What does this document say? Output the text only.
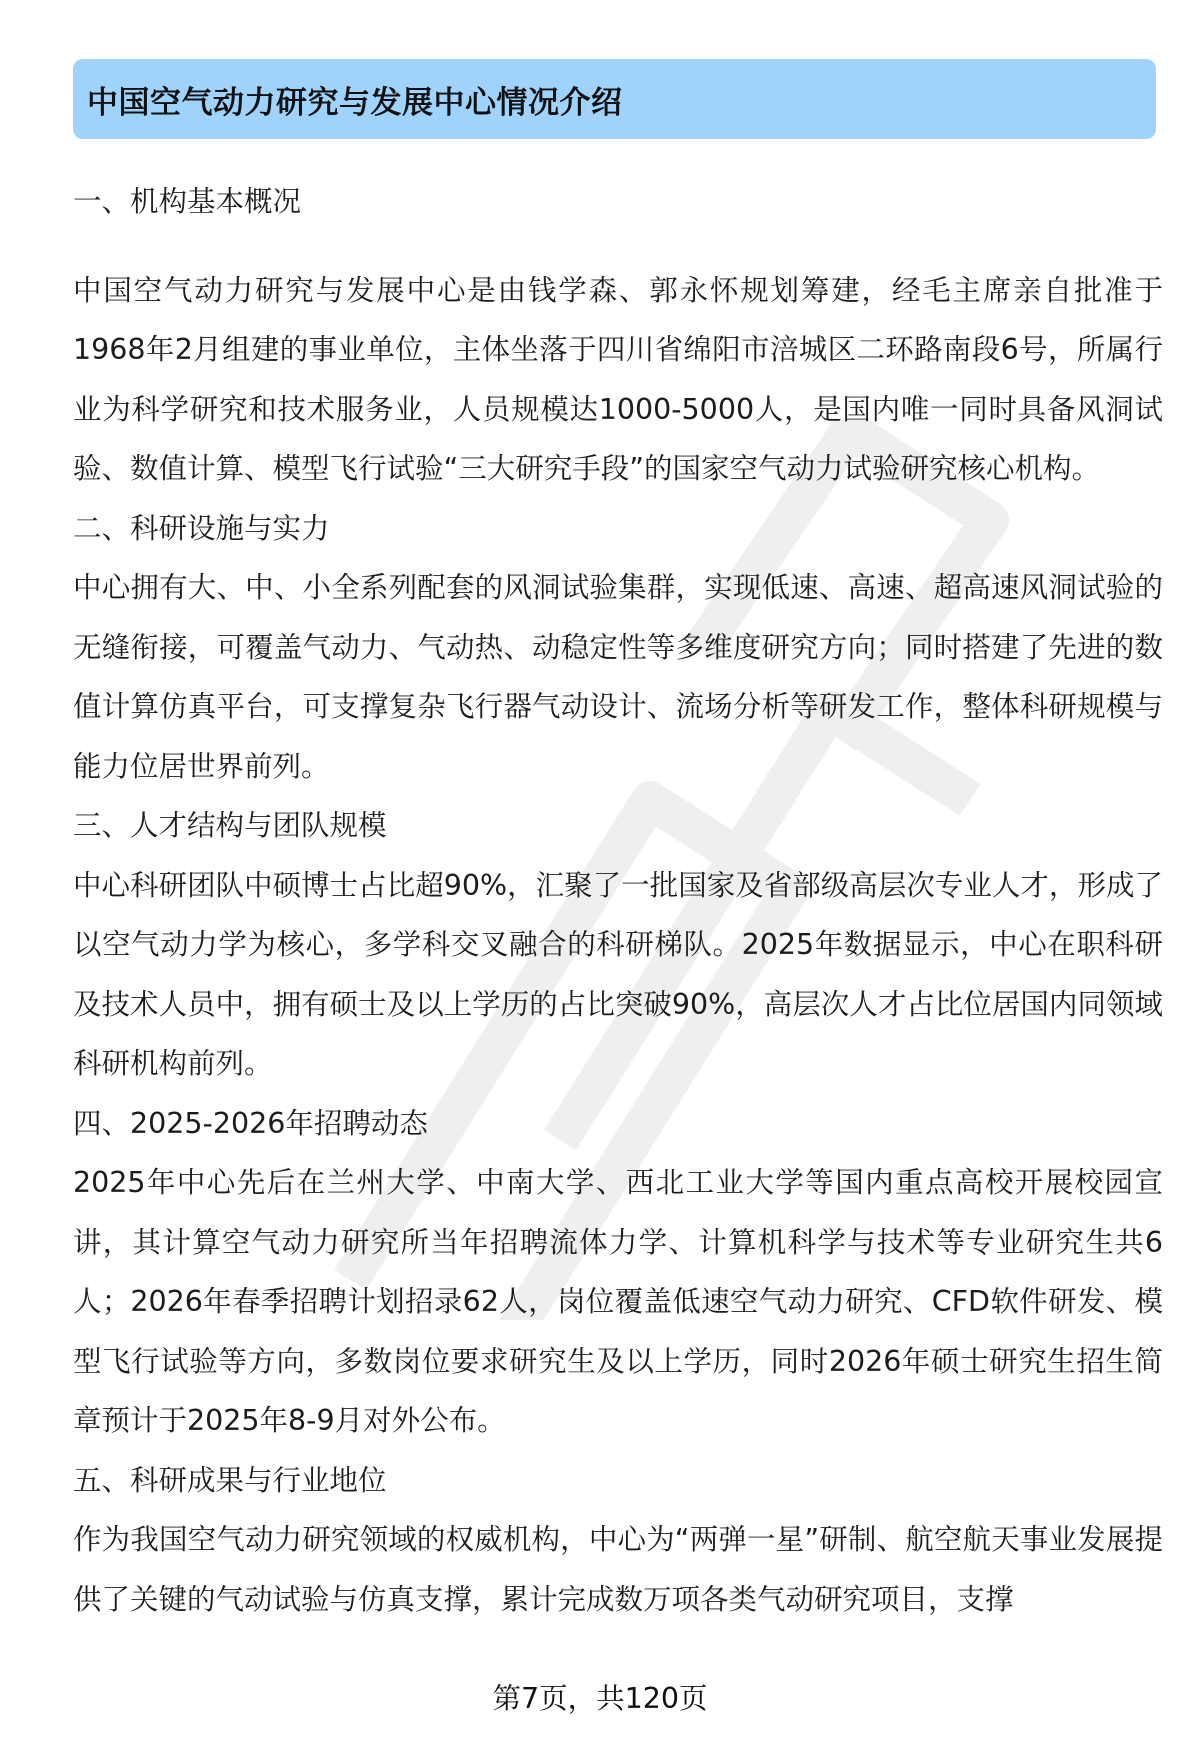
中国空气动力研究与发展中心情况介绍

一、机构基本概况

中国空气动力研究与发展中心是由钱学森、郭永怀规划筹建，经毛主席亲自批准于1968年2月组建的事业单位，主体坐落于四川省绵阳市涪城区二环路南段6号，所属行业为科学研究和技术服务业，人员规模达1000-5000人，是国内唯一同时具备风洞试验、数值计算、模型飞行试验“三大研究手段”的国家空气动力试验研究核心机构。

二、科研设施与实力

中心拥有大、中、小全系列配套的风洞试验集群，实现低速、高速、超高速风洞试验的无缝衔接，可覆盖气动力、气动热、动稳定性等多维度研究方向；同时搭建了先进的数值计算仿真平台，可支撑复杂飞行器气动设计、流场分析等研发工作，整体科研规模与能力位居世界前列。

三、人才结构与团队规模

中心科研团队中硕博士占比超90%，汇聚了一批国家及省部级高层次专业人才，形成了以空气动力学为核心，多学科交叉融合的科研梯队。2025年数据显示，中心在职科研及技术人员中，拥有硕士及以上学历的占比突破90%，高层次人才占比位居国内同领域科研机构前列。

四、2025-2026年招聘动态

2025年中心先后在兰州大学、中南大学、西北工业大学等国内重点高校开展校园宣讲，其计算空气动力研究所当年招聘流体力学、计算机科学与技术等专业研究生共6人；2026年春季招聘计划招录62人，岗位覆盖低速空气动力研究、CFD软件研发、模型飞行试验等方向，多数岗位要求研究生及以上学历，同时2026年硕士研究生招生简章预计于2025年8-9月对外公布。

五、科研成果与行业地位

作为我国空气动力研究领域的权威机构，中心为“两弹一星”研制、航空航天事业发展提供了关键的气动试验与仿真支撑，累计完成数万项各类气动研究项目，支撑

第7页，共120页
